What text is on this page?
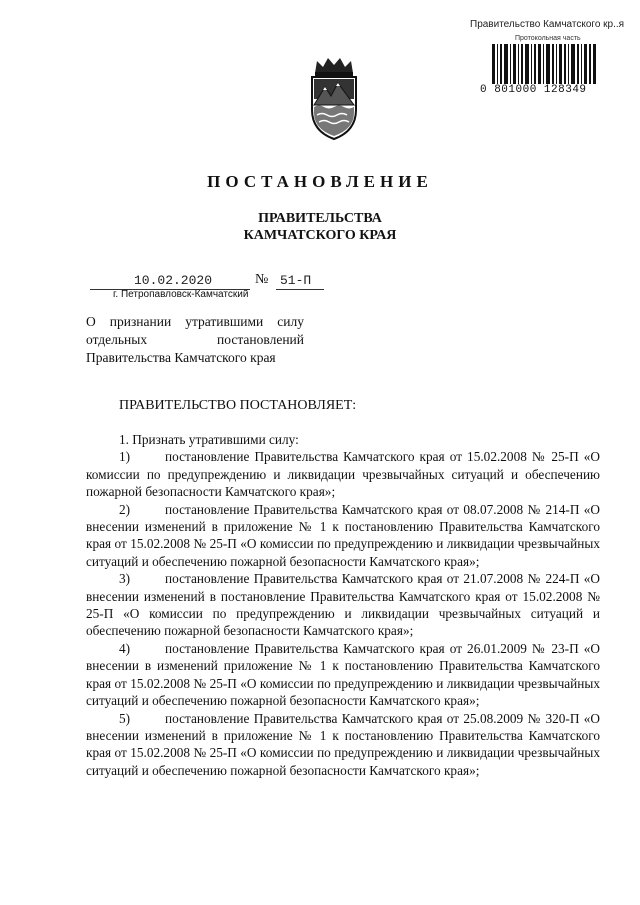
Правительство Камчатского кр..я
Протокольная часть
0 801000 128349
ПОСТАНОВЛЕНИЕ
ПРАВИТЕЛЬСТВА
КАМЧАТСКОГО КРАЯ
10.02.2020	№ 51-П
г. Петропавловск-Камчатский
О признании утратившими силу
отдельных постановлений
Правительства Камчатского края
ПРАВИТЕЛЬСТВО ПОСТАНОВЛЯЕТ:

1. Признать утратившими силу:

1)	постановление Правительства Камчатского края от 15.02.2008 № 25-П «О комиссии по предупреждению и ликвидации чрезвычайных ситуаций и обеспечению пожарной безопасности Камчатского края»;

2)	постановление Правительства Камчатского края от 08.07.2008 № 214-П «О внесении изменений в приложение № 1 к постановлению Правительства Камчатского края от 15.02.2008 № 25-П «О комиссии по предупреждению и ликвидации чрезвычайных ситуаций и обеспечению пожарной безопасности Камчатского края»;

3)	постановление Правительства Камчатского края от 21.07.2008 № 224-П «О внесении изменений в постановление Правительства Камчатского края от 15.02.2008 № 25-П «О комиссии по предупреждению и ликвидации чрезвычайных ситуаций и обеспечению пожарной безопасности Камчатского края»;

4)	постановление Правительства Камчатского края от 26.01.2009 № 23-П «О внесении в изменений приложение № 1 к постановлению Правительства Камчатского края от 15.02.2008 № 25-П «О комиссии по предупреждению и ликвидации чрезвычайных ситуаций и обеспечению пожарной безопасности Камчатского края»;

5)	постановление Правительства Камчатского края от 25.08.2009 № 320-П «О внесении изменений в приложение № 1 к постановлению Правительства Камчатского края от 15.02.2008 № 25-П «О комиссии по предупреждению и ликвидации чрезвычайных ситуаций и обеспечению пожарной безопасности Камчатского края»;
